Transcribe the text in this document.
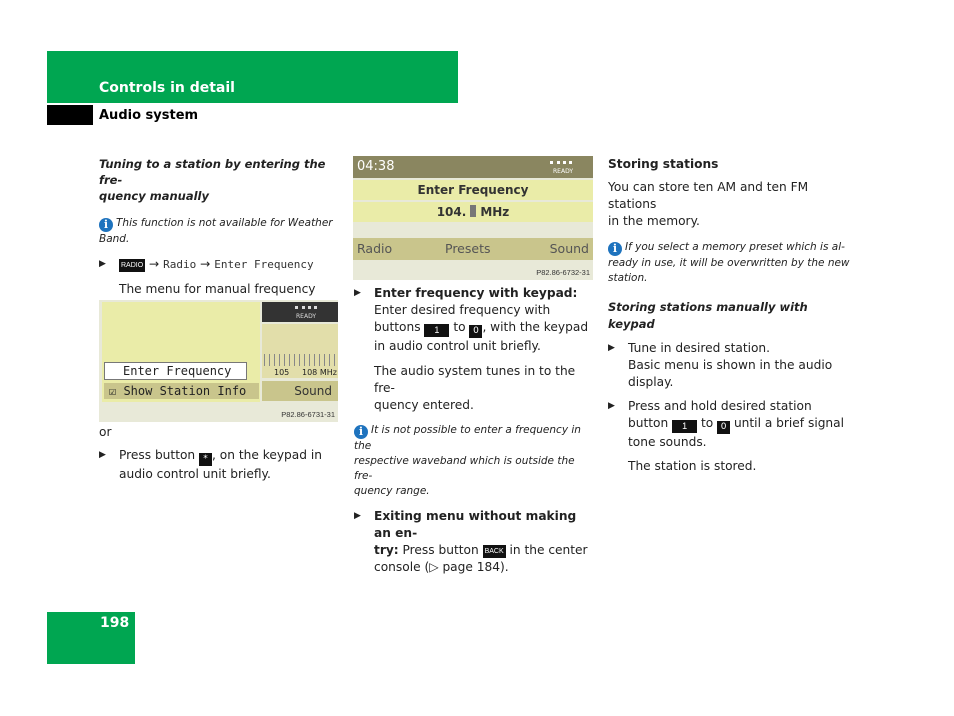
Controls in detail
Audio system
198
Tuning to a station by entering the fre-
quency manually
i This function is not available for Weather
Band.
▶ RADIO → Radio → Enter Frequency
The menu for manual frequency
Enter Frequency
☑ Show Station Info
READY
105 108 MHz
Sound
P82.86-6731-31
or
▶ Press button * , on the keypad in
audio control unit briefly.
04:38	READY
Enter Frequency
104. MHz
Radio	Presets	Sound
P82.86-6732-31
▶ Enter frequency with keypad:
Enter desired frequency with
buttons 1 to 0 , with the keypad
in audio control unit briefly.
The audio system tunes in to the fre-
quency entered.
i It is not possible to enter a frequency in the
respective waveband which is outside the fre-
quency range.
▶ Exiting menu without making an en-
try: Press button BACK in the center
console (▷ page 184).
Storing stations
You can store ten AM and ten FM stations
in the memory.
i If you select a memory preset which is al-
ready in use, it will be overwritten by the new
station.
Storing stations manually with keypad
▶ Tune in desired station.
Basic menu is shown in the audio
display.
▶ Press and hold desired station
button 1 to 0 until a brief signal
tone sounds.
The station is stored.
